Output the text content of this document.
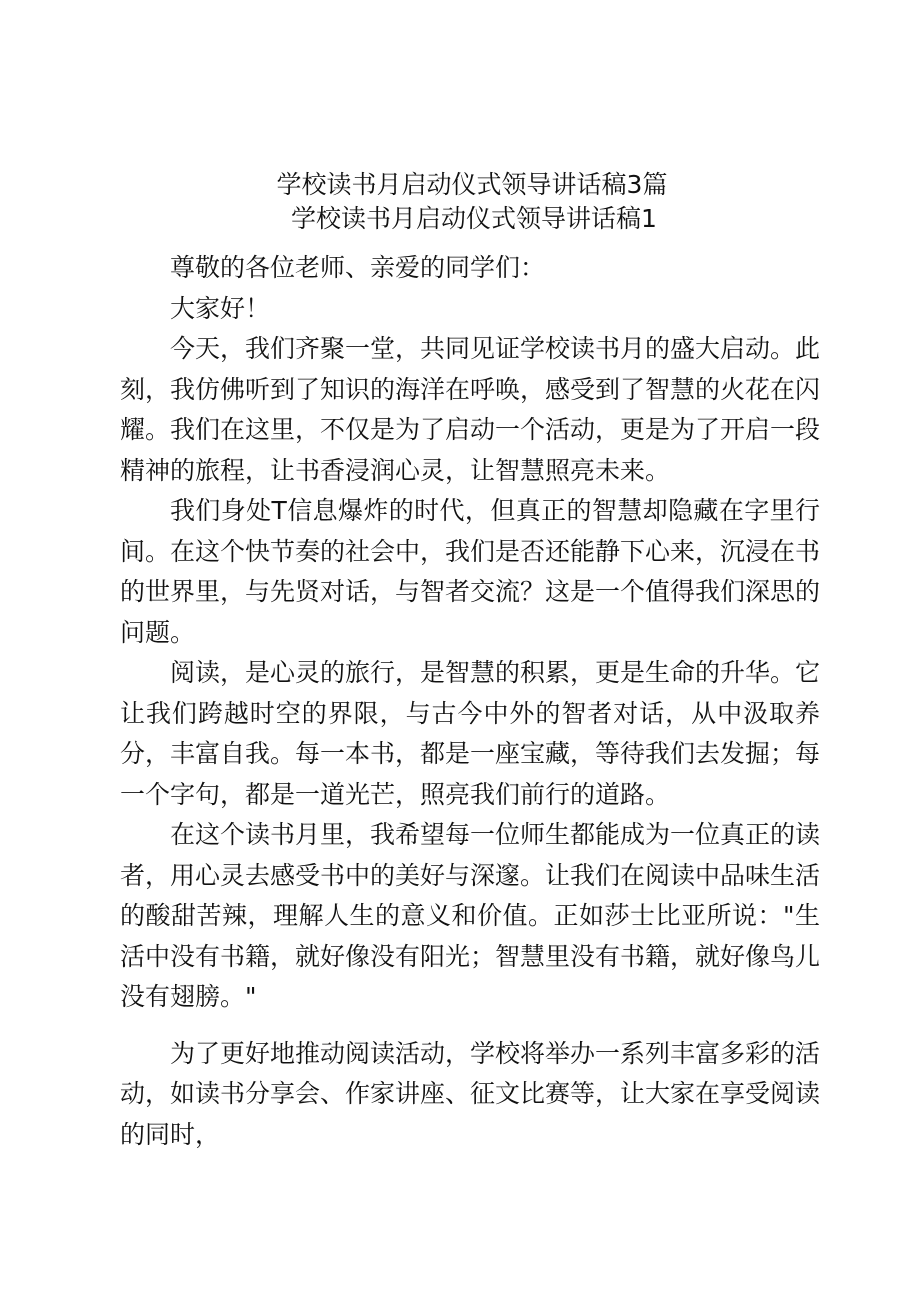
学校读书月启动仪式领导讲话稿3篇
学校读书月启动仪式领导讲话稿1

尊敬的各位老师、亲爱的同学们：

大家好！

今天，我们齐聚一堂，共同见证学校读书月的盛大启动。此刻，我仿佛听到了知识的海洋在呼唤，感受到了智慧的火花在闪耀。我们在这里，不仅是为了启动一个活动，更是为了开启一段精神的旅程，让书香浸润心灵，让智慧照亮未来。

我们身处T信息爆炸的时代，但真正的智慧却隐藏在字里行间。在这个快节奏的社会中，我们是否还能静下心来，沉浸在书的世界里，与先贤对话，与智者交流？这是一个值得我们深思的问题。

阅读，是心灵的旅行，是智慧的积累，更是生命的升华。它让我们跨越时空的界限，与古今中外的智者对话，从中汲取养分，丰富自我。每一本书，都是一座宝藏，等待我们去发掘；每一个字句，都是一道光芒，照亮我们前行的道路。

在这个读书月里，我希望每一位师生都能成为一位真正的读者，用心灵去感受书中的美好与深邃。让我们在阅读中品味生活的酸甜苦辣，理解人生的意义和价值。正如莎士比亚所说："生活中没有书籍，就好像没有阳光；智慧里没有书籍，就好像鸟儿没有翅膀。"

为了更好地推动阅读活动，学校将举办一系列丰富多彩的活动，如读书分享会、作家讲座、征文比赛等，让大家在享受阅读的同时，
